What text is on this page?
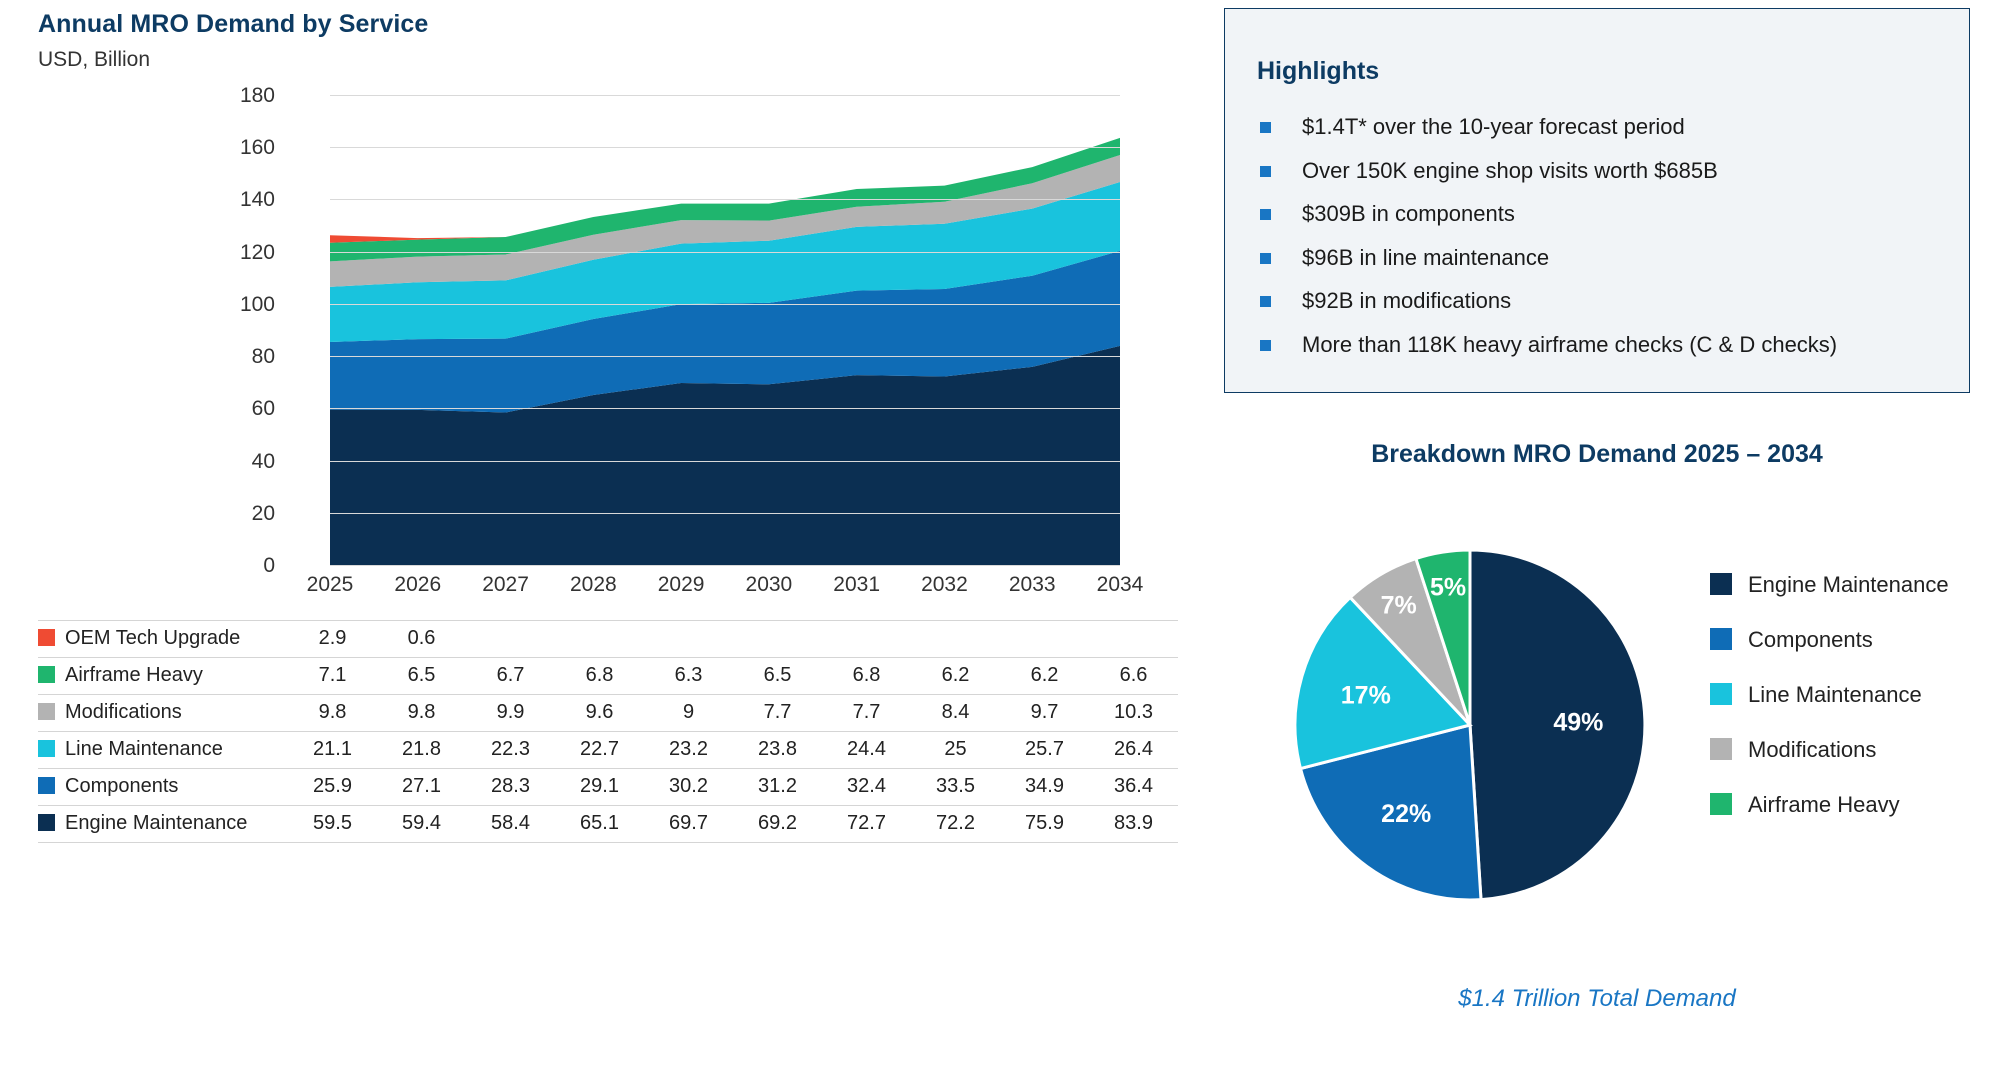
Annual MRO Demand by Service
USD, Billion
0
20
40
60
80
100
120
140
160
180
2025 2026 2027 2028 2029 2030 2031 2032 2033 2034
OEM Tech Upgrade	2.9	0.6								
Airframe Heavy	7.1	6.5	6.7	6.8	6.3	6.5	6.8	6.2	6.2	6.6
Modifications	9.8	9.8	9.9	9.6	9	7.7	7.7	8.4	9.7	10.3
Line Maintenance	21.1	21.8	22.3	22.7	23.2	23.8	24.4	25	25.7	26.4
Components	25.9	27.1	28.3	29.1	30.2	31.2	32.4	33.5	34.9	36.4
Engine Maintenance	59.5	59.4	58.4	65.1	69.7	69.2	72.7	72.2	75.9	83.9
Highlights
$1.4T* over the 10-year forecast period
Over 150K engine shop visits worth $685B
$309B in components
$96B in line maintenance
$92B in modifications
More than 118K heavy airframe checks (C & D checks)
Breakdown MRO Demand 2025 – 2034
49%
22%
17%
7%
5%	Engine Maintenance
Components
Line Maintenance
Modifications
Airframe Heavy
$1.4 Trillion Total Demand
